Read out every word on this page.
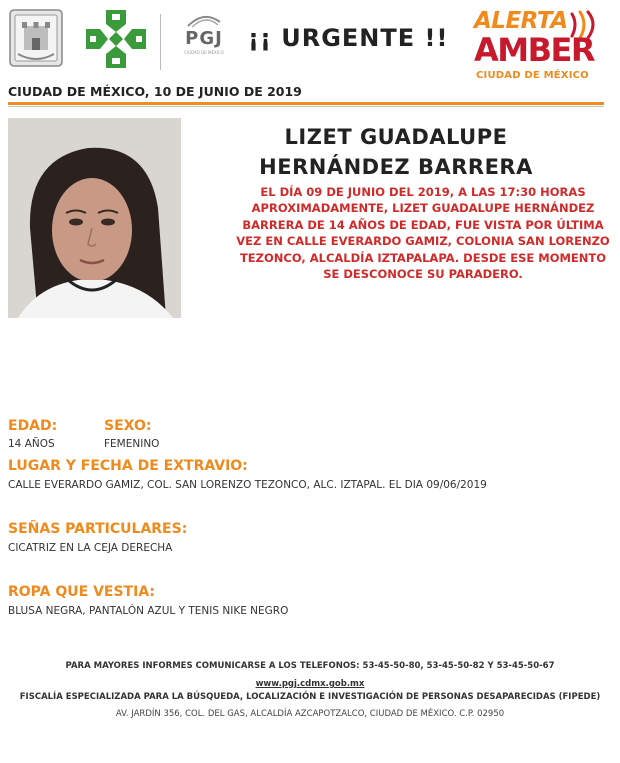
PGJ
CIUDAD DE MÉXICO
¡¡ URGENTE !!
ALERTA
AMBER
CIUDAD DE MÉXICO
CIUDAD DE MÉXICO, 10 DE JUNIO DE 2019
LIZET GUADALUPE
HERNÁNDEZ BARRERA
EL DÍA 09 DE JUNIO DEL 2019, A LAS 17:30 HORAS APROXIMADAMENTE, LIZET GUADALUPE HERNÁNDEZ BARRERA DE 14 AÑOS DE EDAD, FUE VISTA POR ÚLTIMA VEZ EN CALLE EVERARDO GAMIZ, COLONIA SAN LORENZO TEZONCO, ALCALDÍA IZTAPALAPA. DESDE ESE MOMENTO SE DESCONOCE SU PARADERO.
EDAD:	SEXO:
14 AÑOS	FEMENINO
LUGAR Y FECHA DE EXTRAVIO:
CALLE EVERARDO GAMIZ, COL. SAN LORENZO TEZONCO, ALC. IZTAPAL. EL DIA 09/06/2019
SEÑAS PARTICULARES:
CICATRIZ EN LA CEJA DERECHA
ROPA QUE VESTIA:
BLUSA NEGRA, PANTALÓN AZUL Y TENIS NIKE NEGRO
PARA MAYORES INFORMES COMUNICARSE A LOS TELEFONOS: 53-45-50-80, 53-45-50-82 Y 53-45-50-67
www.pgj.cdmx.gob.mx
FISCALÍA ESPECIALIZADA PARA LA BÚSQUEDA, LOCALIZACIÓN E INVESTIGACIÓN DE PERSONAS DESAPARECIDAS (FIPEDE)
AV. JARDÍN 356, COL. DEL GAS, ALCALDÍA AZCAPOTZALCO, CIUDAD DE MÉXICO. C.P. 02950
